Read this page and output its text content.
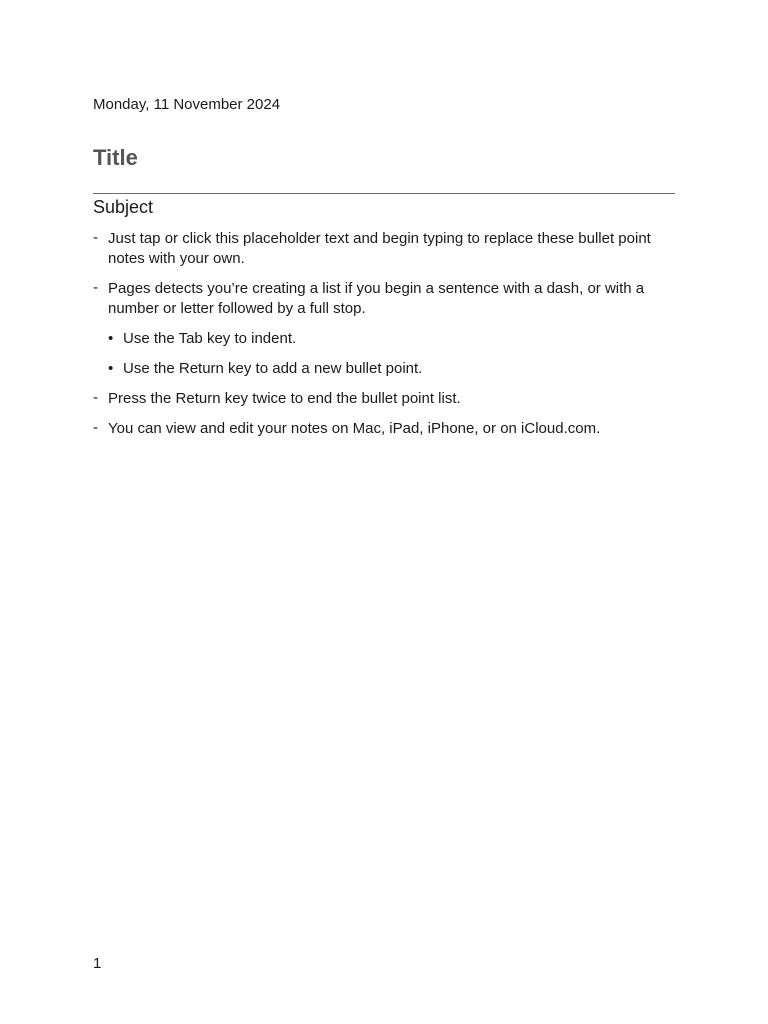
Monday, 11 November 2024
Title
Subject
- Just tap or click this placeholder text and begin typing to replace these bullet point notes with your own.
- Pages detects you’re creating a list if you begin a sentence with a dash, or with a number or letter followed by a full stop.
• Use the Tab key to indent.
• Use the Return key to add a new bullet point.
- Press the Return key twice to end the bullet point list.
- You can view and edit your notes on Mac, iPad, iPhone, or on iCloud.com.
1
